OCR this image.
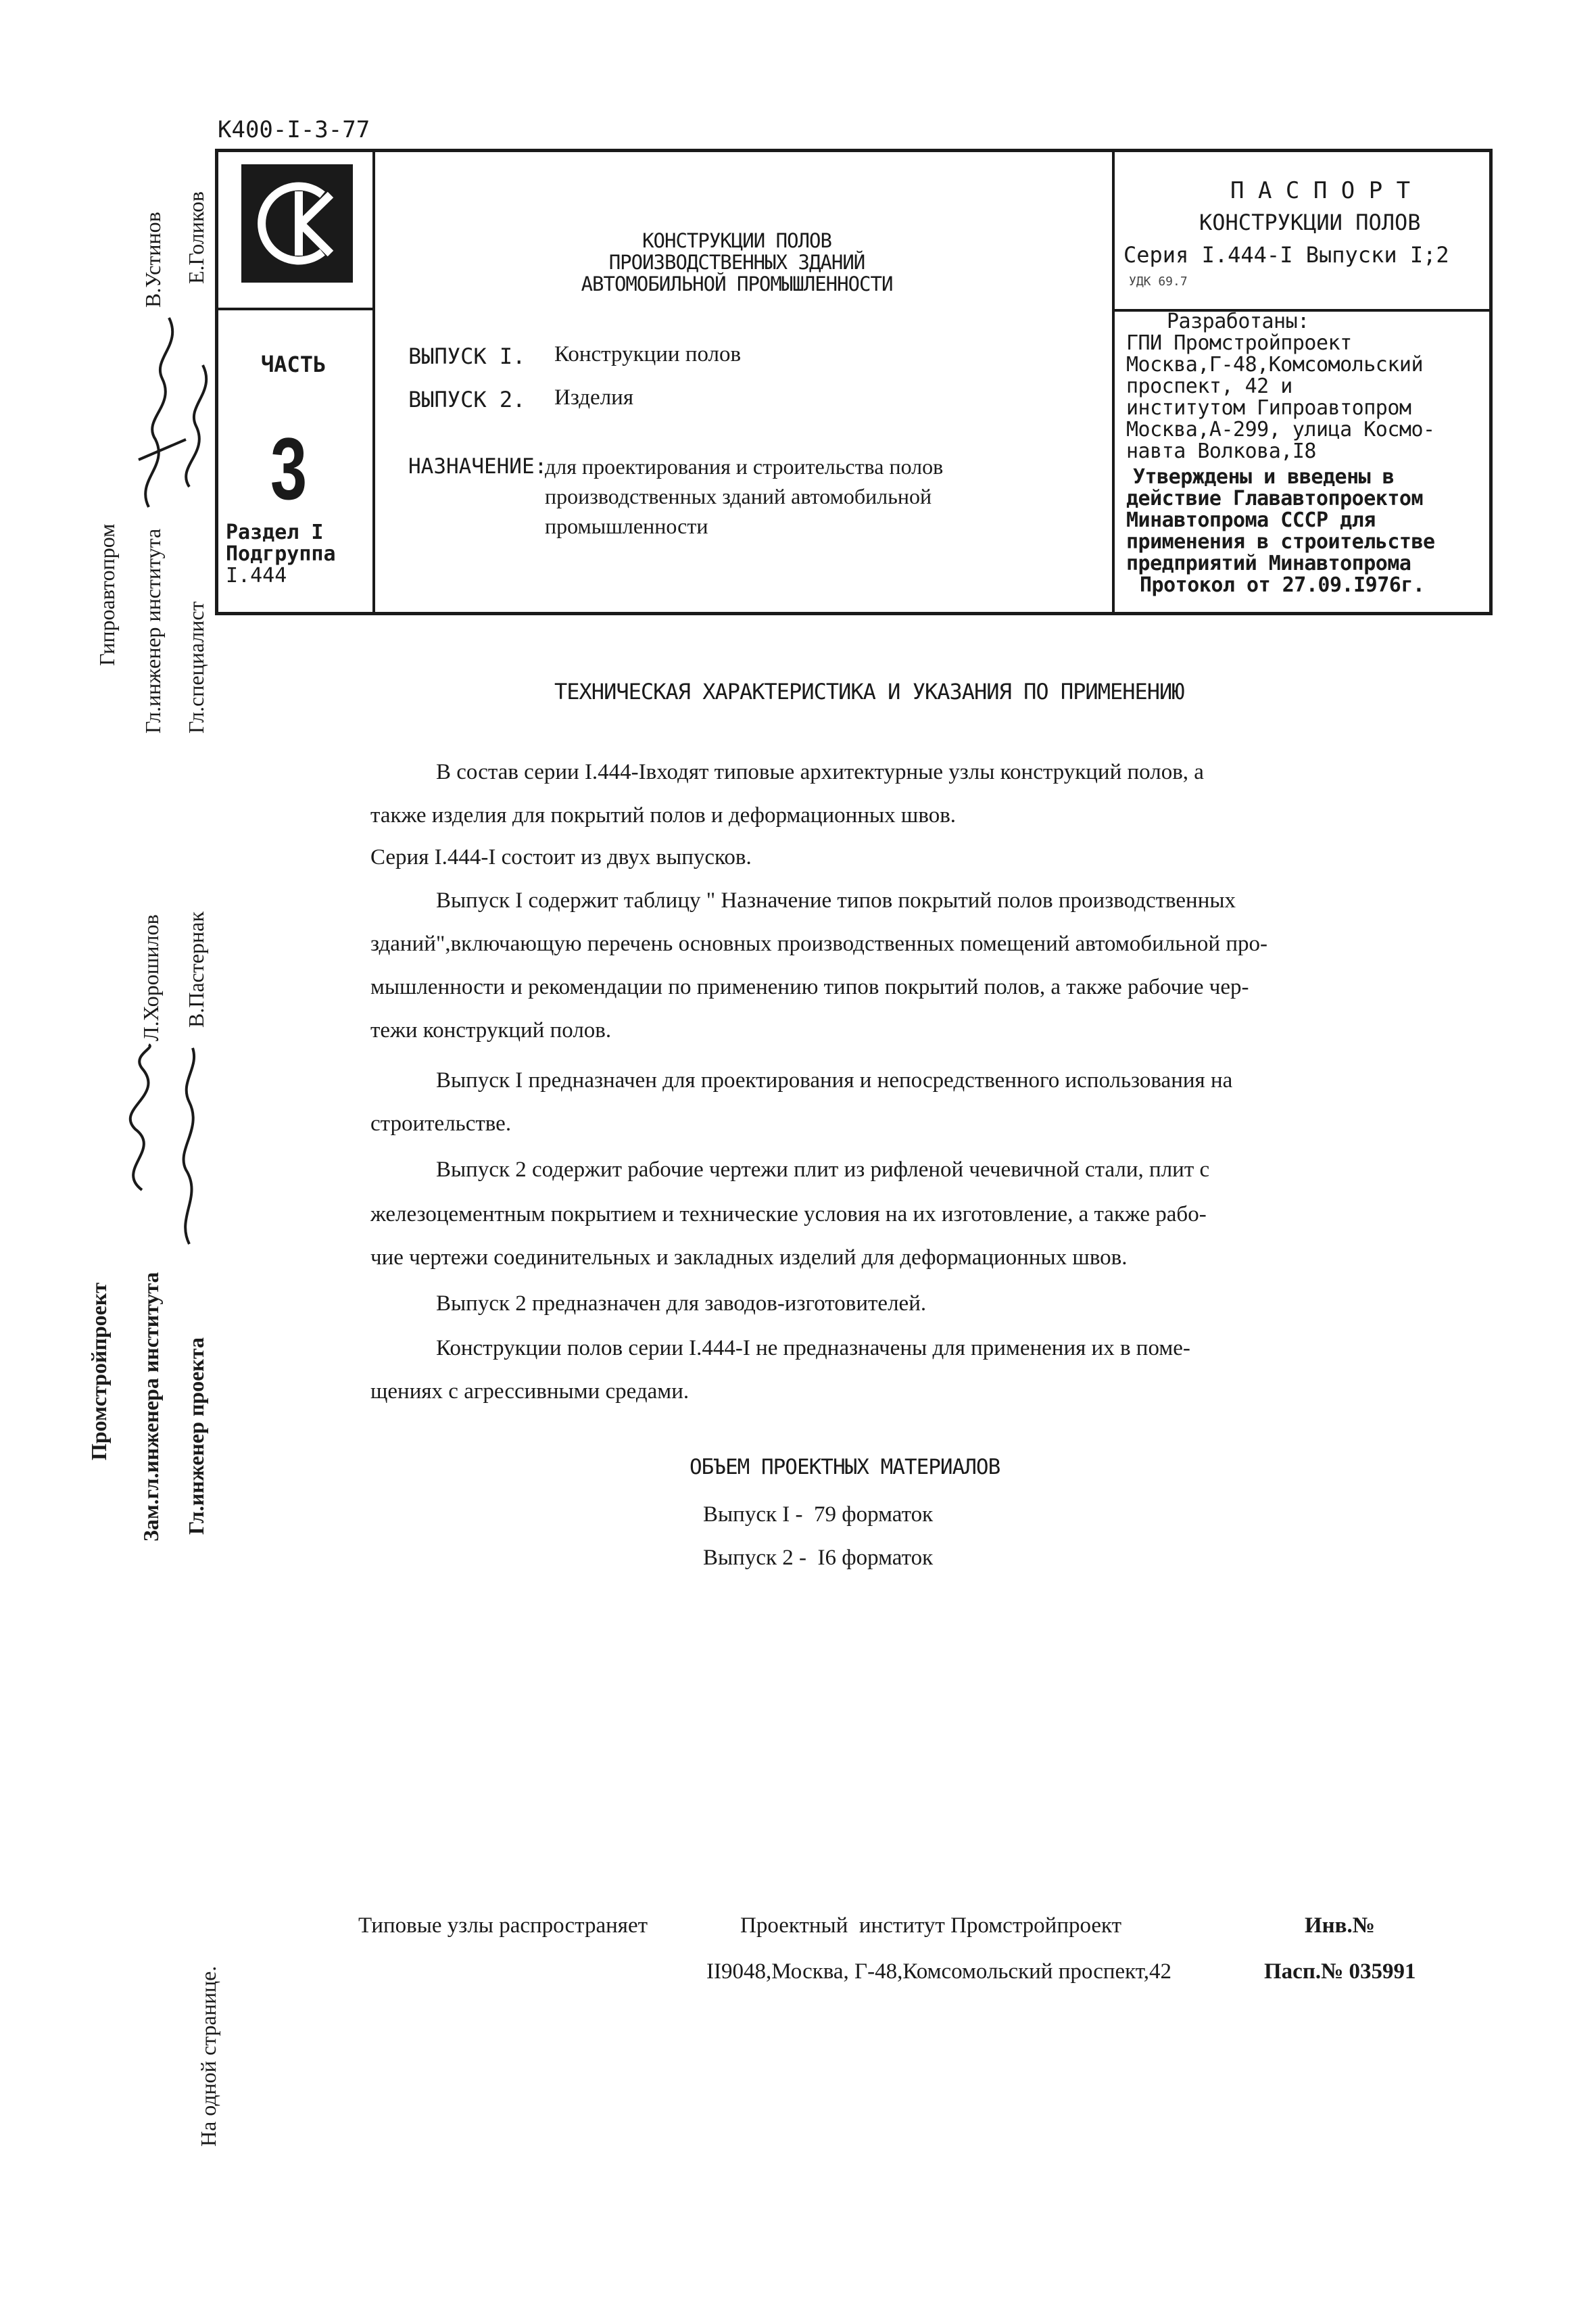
К400-I-3-77
Гипроавтопром Гл.инженер института
В.Устинов
Гл.специалист
Е.Голиков
Промстройпроект Зам.гл.инженера института
Л.Хорошилов
Гл.инженер проекта
В.Пастернак
На одной странице.
КОНСТРУКЦИИ ПОЛОВ
ПРОИЗВОДСТВЕННЫХ ЗДАНИЙ
АВТОМОБИЛЬНОЙ ПРОМЫШЛЕННОСТИ
ЧАСТЬ
3
Раздел I
Подгруппа
I.444
ВЫПУСК I. Конструкции полов
ВЫПУСК 2. Изделия
НАЗНАЧЕНИЕ:
для проектирования и строительства полов
производственных зданий автомобильной
промышленности
П А С П О Р Т
КОНСТРУКЦИИ ПОЛОВ
Серия I.444-I Выпуски I;2
УДК 69.7
Разработаны:
ГПИ Промстройпроект
Москва,Г-48,Комсомольский
проспект, 42 и
институтом Гипроавтопром
Москва,А-299, улица Космо-
навта Волкова,I8
Утверждены и введены в
действие Глававтопроектом
Минавтопрома СССР для
применения в строительстве
предприятий Минавтопрома
Протокол от 27.09.I976г.
ТЕХНИЧЕСКАЯ ХАРАКТЕРИСТИКА И УКАЗАНИЯ ПО ПРИМЕНЕНИЮ
В состав серии I.444-Iвходят типовые архитектурные узлы конструкций полов, а
также изделия для покрытий полов и деформационных швов.
Серия I.444-I состоит из двух выпусков.
Выпуск I содержит таблицу " Назначение типов покрытий полов производственных
зданий",включающую перечень основных производственных помещений автомобильной про-
мышленности и рекомендации по применению типов покрытий полов, а также рабочие чер-
тежи конструкций полов.
Выпуск I предназначен для проектирования и непосредственного использования на
строительстве.
Выпуск 2 содержит рабочие чертежи плит из рифленой чечевичной стали, плит с
железоцементным покрытием и технические условия на их изготовление, а также рабо-
чие чертежи соединительных и закладных изделий для деформационных швов.
Выпуск 2 предназначен для заводов-изготовителей.
Конструкции полов серии I.444-I не предназначены для применения их в поме-
щениях с агрессивными средами.
ОБЪЕМ ПРОЕКТНЫХ МАТЕРИАЛОВ
Выпуск I -  79 форматок
Выпуск 2 -  I6 форматок
Типовые узлы распространяет	Проектный  институт Промстройпроект	Инв.№
II9048,Москва, Г-48,Комсомольский проспект,42	Пасп.№ 035991
